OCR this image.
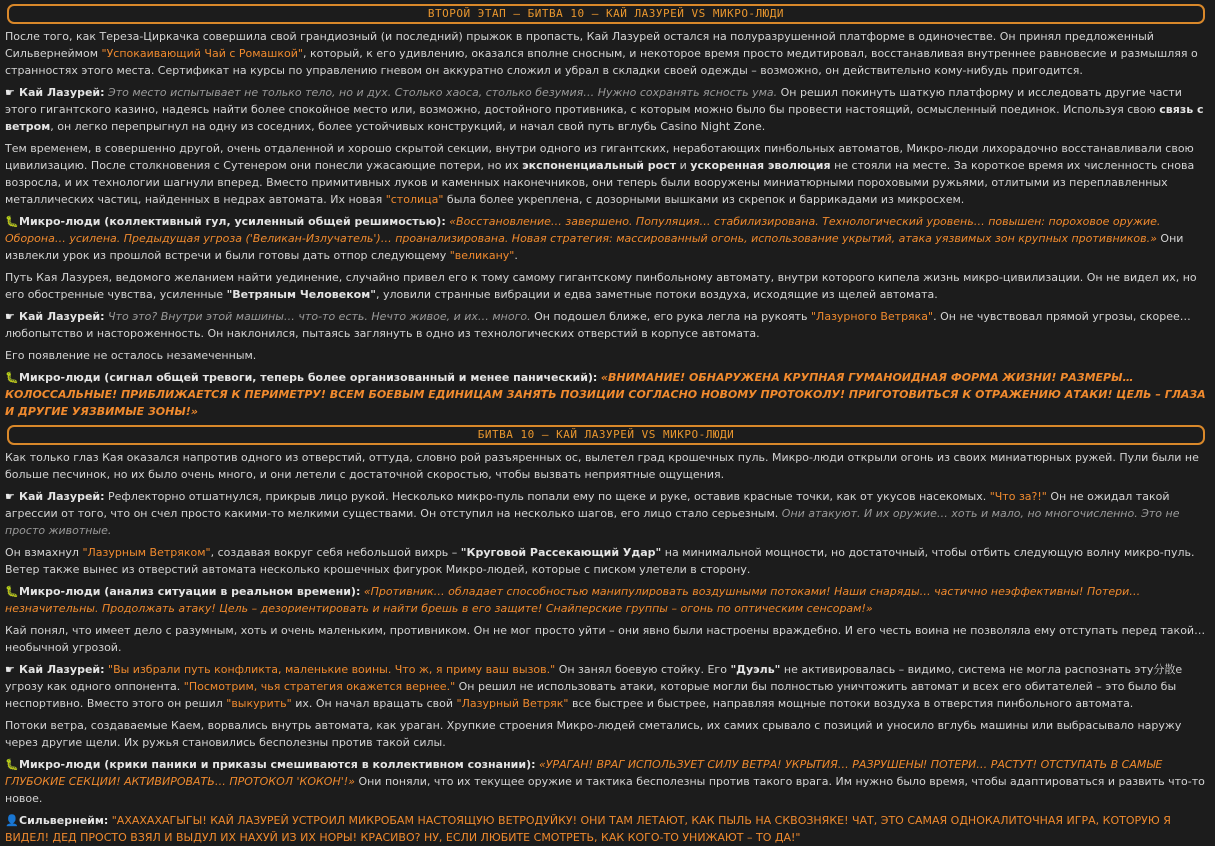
ВТОРОЙ ЭТАП – БИТВА 10 – КАЙ ЛАЗУРЕЙ VS МИКРО-ЛЮДИ

После того, как Тереза-Циркачка совершила свой грандиозный (и последний) прыжок в пропасть, Кай Лазурей остался на полуразрушенной платформе в одиночестве. Он принял предложенный Сильвернеймом "Успокаивающий Чай с Ромашкой", который, к его удивлению, оказался вполне сносным, и некоторое время просто медитировал, восстанавливая внутреннее равновесие и размышляя о странностях этого места. Сертификат на курсы по управлению гневом он аккуратно сложил и убрал в складки своей одежды – возможно, он действительно кому-нибудь пригодится.

☛ Кай Лазурей: Это место испытывает не только тело, но и дух. Столько хаоса, столько безумия… Нужно сохранять ясность ума. Он решил покинуть шаткую платформу и исследовать другие части этого гигантского казино, надеясь найти более спокойное место или, возможно, достойного противника, с которым можно было бы провести настоящий, осмысленный поединок. Используя свою связь с ветром, он легко перепрыгнул на одну из соседних, более устойчивых конструкций, и начал свой путь вглубь Casino Night Zone.

Тем временем, в совершенно другой, очень отдаленной и хорошо скрытой секции, внутри одного из гигантских, неработающих пинбольных автоматов, Микро-люди лихорадочно восстанавливали свою цивилизацию. После столкновения с Сутенером они понесли ужасающие потери, но их экспоненциальный рост и ускоренная эволюция не стояли на месте. За короткое время их численность снова возросла, и их технологии шагнули вперед. Вместо примитивных луков и каменных наконечников, они теперь были вооружены миниатюрными пороховыми ружьями, отлитыми из переплавленных металлических частиц, найденных в недрах автомата. Их новая "столица" была более укреплена, с дозорными вышками из скрепок и баррикадами из микросхем.

🐛Микро-люди (коллективный гул, усиленный общей решимостью): «Восстановление… завершено. Популяция… стабилизирована. Технологический уровень… повышен: пороховое оружие. Оборона… усилена. Предыдущая угроза ('Великан-Излучатель')… проанализирована. Новая стратегия: массированный огонь, использование укрытий, атака уязвимых зон крупных противников.» Они извлекли урок из прошлой встречи и были готовы дать отпор следующему "великану".

Путь Кая Лазурея, ведомого желанием найти уединение, случайно привел его к тому самому гигантскому пинбольному автомату, внутри которого кипела жизнь микро-цивилизации. Он не видел их, но его обостренные чувства, усиленные "Ветряным Человеком", уловили странные вибрации и едва заметные потоки воздуха, исходящие из щелей автомата.

☛ Кай Лазурей: Что это? Внутри этой машины… что-то есть. Нечто живое, и их… много. Он подошел ближе, его рука легла на рукоять "Лазурного Ветряка". Он не чувствовал прямой угрозы, скорее… любопытство и настороженность. Он наклонился, пытаясь заглянуть в одно из технологических отверстий в корпусе автомата.

Его появление не осталось незамеченным.

🐛Микро-люди (сигнал общей тревоги, теперь более организованный и менее панический): «ВНИМАНИЕ! ОБНАРУЖЕНА КРУПНАЯ ГУМАНОИДНАЯ ФОРМА ЖИЗНИ! РАЗМЕРЫ… КОЛОССАЛЬНЫЕ! ПРИБЛИЖАЕТСЯ К ПЕРИМЕТРУ! ВСЕМ БОЕВЫМ ЕДИНИЦАМ ЗАНЯТЬ ПОЗИЦИИ СОГЛАСНО НОВОМУ ПРОТОКОЛУ! ПРИГОТОВИТЬСЯ К ОТРАЖЕНИЮ АТАКИ! ЦЕЛЬ – ГЛАЗА И ДРУГИЕ УЯЗВИМЫЕ ЗОНЫ!»

БИТВА 10 – КАЙ ЛАЗУРЕЙ VS МИКРО-ЛЮДИ

Как только глаз Кая оказался напротив одного из отверстий, оттуда, словно рой разъяренных ос, вылетел град крошечных пуль. Микро-люди открыли огонь из своих миниатюрных ружей. Пули были не больше песчинок, но их было очень много, и они летели с достаточной скоростью, чтобы вызвать неприятные ощущения.

☛ Кай Лазурей: Рефлекторно отшатнулся, прикрыв лицо рукой. Несколько микро-пуль попали ему по щеке и руке, оставив красные точки, как от укусов насекомых. "Что за?!" Он не ожидал такой агрессии от того, что он счел просто какими-то мелкими существами. Он отступил на несколько шагов, его лицо стало серьезным. Они атакуют. И их оружие… хоть и мало, но многочисленно. Это не просто животные.

Он взмахнул "Лазурным Ветряком", создавая вокруг себя небольшой вихрь – "Круговой Рассекающий Удар" на минимальной мощности, но достаточный, чтобы отбить следующую волну микро-пуль. Ветер также вынес из отверстий автомата несколько крошечных фигурок Микро-людей, которые с писком улетели в сторону.

🐛Микро-люди (анализ ситуации в реальном времени): «Противник… обладает способностью манипулировать воздушными потоками! Наши снаряды… частично неэффективны! Потери… незначительны. Продолжать атаку! Цель – дезориентировать и найти брешь в его защите! Снайперские группы – огонь по оптическим сенсорам!»

Кай понял, что имеет дело с разумным, хоть и очень маленьким, противником. Он не мог просто уйти – они явно были настроены враждебно. И его честь воина не позволяла ему отступать перед такой… необычной угрозой.

☛ Кай Лазурей: "Вы избрали путь конфликта, маленькие воины. Что ж, я приму ваш вызов." Он занял боевую стойку. Его "Дуэль" не активировалась – видимо, система не могла распознать эту分散е угрозу как одного оппонента. "Посмотрим, чья стратегия окажется вернее." Он решил не использовать атаки, которые могли бы полностью уничтожить автомат и всех его обитателей – это было бы неспортивно. Вместо этого он решил "выкурить" их. Он начал вращать свой "Лазурный Ветряк" все быстрее и быстрее, направляя мощные потоки воздуха в отверстия пинбольного автомата.

Потоки ветра, создаваемые Каем, ворвались внутрь автомата, как ураган. Хрупкие строения Микро-людей сметались, их самих срывало с позиций и уносило вглубь машины или выбрасывало наружу через другие щели. Их ружья становились бесполезны против такой силы.

🐛Микро-люди (крики паники и приказы смешиваются в коллективном сознании): «УРАГАН! ВРАГ ИСПОЛЬЗУЕТ СИЛУ ВЕТРА! УКРЫТИЯ… РАЗРУШЕНЫ! ПОТЕРИ… РАСТУТ! ОТСТУПАТЬ В САМЫЕ ГЛУБОКИЕ СЕКЦИИ! АКТИВИРОВАТЬ… ПРОТОКОЛ 'КОКОН'!» Они поняли, что их текущее оружие и тактика бесполезны против такого врага. Им нужно было время, чтобы адаптироваться и развить что-то новое.

👤Сильвернейм: "АХАХАХАГЫГЫ! КАЙ ЛАЗУРЕЙ УСТРОИЛ МИКРОБАМ НАСТОЯЩУЮ ВЕТРОДУЙКУ! ОНИ ТАМ ЛЕТАЮТ, КАК ПЫЛЬ НА СКВОЗНЯКЕ! ЧАТ, ЭТО САМАЯ ОДНОКАЛИТОЧНАЯ ИГРА, КОТОРУЮ Я ВИДЕЛ! ДЕД ПРОСТО ВЗЯЛ И ВЫДУЛ ИХ НАХУЙ ИЗ ИХ НОРЫ! КРАСИВО? НУ, ЕСЛИ ЛЮБИТЕ СМОТРЕТЬ, КАК КОГО-ТО УНИЖАЮТ – ТО ДА!"
